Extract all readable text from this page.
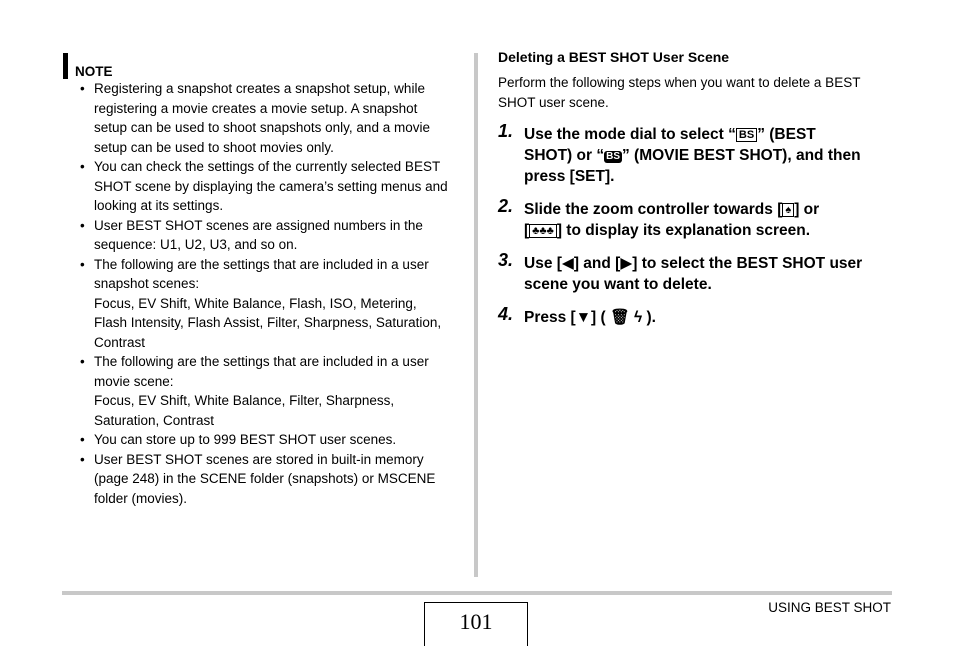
NOTE
• Registering a snapshot creates a snapshot setup, while
registering a movie creates a movie setup. A snapshot
setup can be used to shoot snapshots only, and a movie
setup can be used to shoot movies only.
• You can check the settings of the currently selected BEST
SHOT scene by displaying the camera’s setting menus and
looking at its settings.
• User BEST SHOT scenes are assigned numbers in the
sequence: U1, U2, U3, and so on.
• The following are the settings that are included in a user
snapshot scenes:
Focus, EV Shift, White Balance, Flash, ISO, Metering,
Flash Intensity, Flash Assist, Filter, Sharpness, Saturation,
Contrast
• The following are the settings that are included in a user
movie scene:
Focus, EV Shift, White Balance, Filter, Sharpness,
Saturation, Contrast
• You can store up to 999 BEST SHOT user scenes.
• User BEST SHOT scenes are stored in built-in memory
(page 248) in the SCENE folder (snapshots) or MSCENE
folder (movies).
Deleting a BEST SHOT User Scene
Perform the following steps when you want to delete a BEST
SHOT user scene.
1. Use the mode dial to select “ BS ” (BEST
SHOT) or “ BS ” (MOVIE BEST SHOT), and then
press [SET].
2. Slide the zoom controller towards [ ♠ ] or
[ ♣♣♣ ] to display its explanation screen.
3. Use [◀] and [▶] to select the BEST SHOT user
scene you want to delete.
4. Press [▼] ( 🗑 ϟ ).
101
USING BEST SHOT
